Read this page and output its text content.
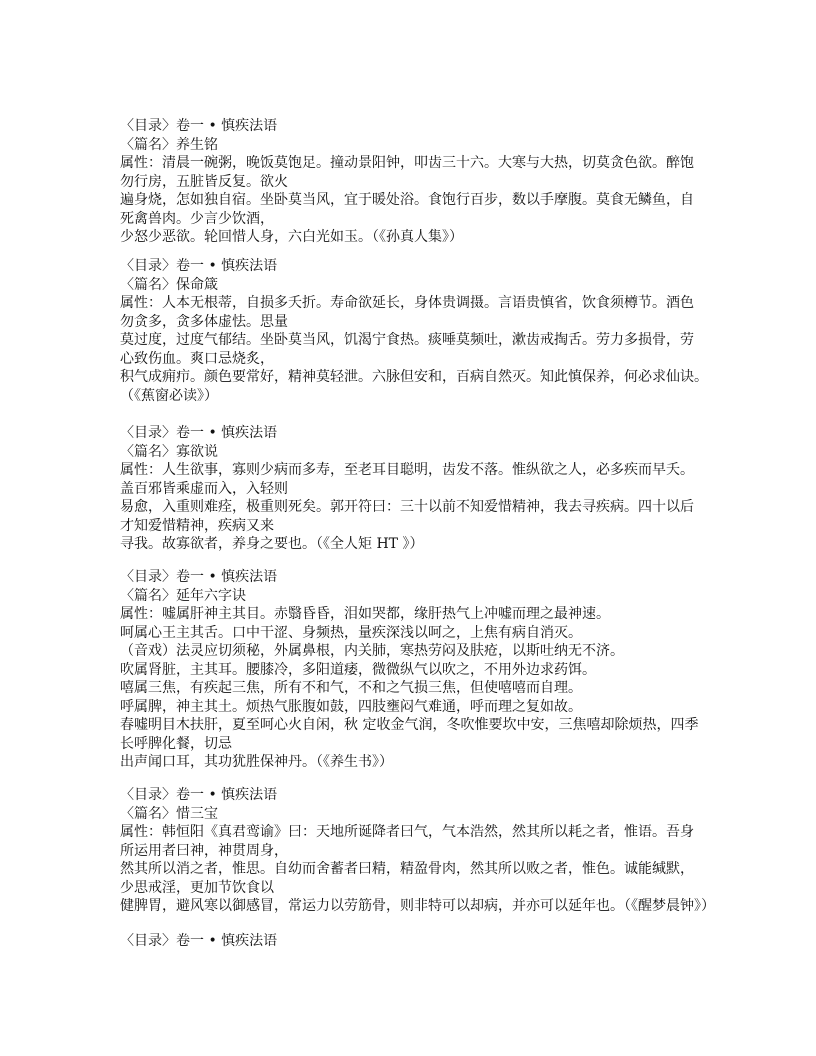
〈目录〉卷一 • 慎疾法语
〈篇名〉养生铭
属性：清晨一碗粥，晚饭莫饱足。撞动景阳钟，叩齿三十六。大寒与大热，切莫贪色欲。醉饱
勿行房，五脏皆反复。欲火
遍身烧，怎如独自宿。坐卧莫当风，宜于暖处浴。食饱行百步，数以手摩腹。莫食无鳞鱼，自
死禽兽肉。少言少饮酒，
少怒少恶欲。轮回惜人身，六白光如玉。（《孙真人集》）
〈目录〉卷一 • 慎疾法语
〈篇名〉保命箴
属性：人本无根蒂，自损多夭折。寿命欲延长，身体贵调摄。言语贵慎省，饮食须樽节。酒色
勿贪多，贪多体虚怯。思量
莫过度，过度气郁结。坐卧莫当风，饥渴宁食热。痰唾莫频吐，漱齿戒掏舌。劳力多损骨，劳
心致伤血。爽口忌烧炙，
积气成痈疖。颜色要常好，精神莫轻泄。六脉但安和，百病自然灭。知此慎保养，何必求仙诀。
（《蕉窗必读》）
〈目录〉卷一 • 慎疾法语
〈篇名〉寡欲说
属性：人生欲事，寡则少病而多寿，至老耳目聪明，齿发不落。惟纵欲之人，必多疾而早夭。
盖百邪皆乘虚而入，入轻则
易愈，入重则难痊，极重则死矣。郭开符曰：三十以前不知爱惜精神，我去寻疾病。四十以后
才知爱惜精神，疾病又来
寻我。故寡欲者，养身之要也。（《全人矩 HT 》）
〈目录〉卷一 • 慎疾法语
〈篇名〉延年六字诀
属性：嘘属肝神主其目。赤翳昏昏，泪如哭都，缘肝热气上冲嘘而理之最神速。
呵属心王主其舌。口中干涩、身频热，量疾深浅以呵之，上焦有病自消灭。
（音戏）法灵应切须秘，外属鼻根，内关肺，寒热劳闷及肤疮，以斯吐纳无不济。
吹属肾脏，主其耳。腰膝冷，多阳道痿，微微纵气以吹之，不用外边求药饵。
嘻属三焦，有疾起三焦，所有不和气，不和之气损三焦，但使嘻嘻而自理。
呼属脾，神主其土。烦热气胀腹如鼓，四肢壅闷气难通，呼而理之复如故。
春嘘明目木扶肝，夏至呵心火自闲，秋 定收金气润，冬吹惟要坎中安，三焦嘻却除烦热，四季
长呼脾化餐，切忌
出声闻口耳，其功犹胜保神丹。（《养生书》）
〈目录〉卷一 • 慎疾法语
〈篇名〉惜三宝
属性：韩恒阳《真君鸾谕》曰：天地所诞降者曰气，气本浩然，然其所以耗之者，惟语。吾身
所运用者曰神，神贯周身，
然其所以消之者，惟思。自幼而舍蓄者曰精，精盈骨肉，然其所以败之者，惟色。诚能缄默，
少思戒淫，更加节饮食以
健脾胃，避风寒以御感冒，常运力以劳筋骨，则非特可以却病，并亦可以延年也。（《醒梦晨钟》）
〈目录〉卷一 • 慎疾法语
